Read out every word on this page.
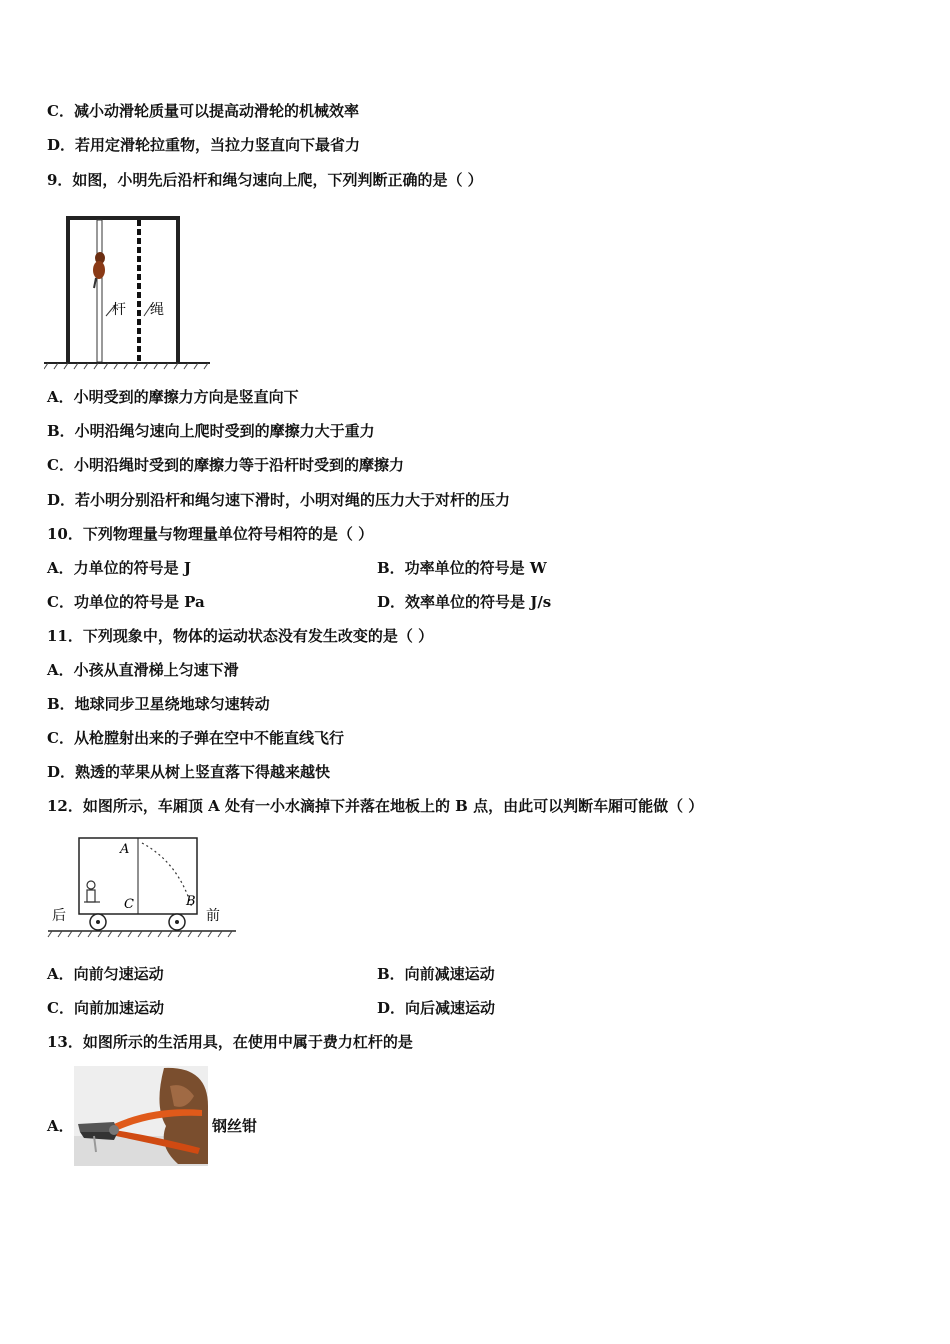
C．减小动滑轮质量可以提高动滑轮的机械效率
D．若用定滑轮拉重物，当拉力竖直向下最省力
9．如图，小明先后沿杆和绳匀速向上爬，下列判断正确的是（ ）
杆 绳
A．小明受到的摩擦力方向是竖直向下
B．小明沿绳匀速向上爬时受到的摩擦力大于重力
C．小明沿绳时受到的摩擦力等于沿杆时受到的摩擦力
D．若小明分别沿杆和绳匀速下滑时，小明对绳的压力大于对杆的压力
10．下列物理量与物理量单位符号相符的是（ ）
A．力单位的符号是 J	B．功率单位的符号是 W
C．功单位的符号是 Pa	D．效率单位的符号是 J/s
11．下列现象中，物体的运动状态没有发生改变的是（ ）
A．小孩从直滑梯上匀速下滑
B．地球同步卫星绕地球匀速转动
C．从枪膛射出来的子弹在空中不能直线飞行
D．熟透的苹果从树上竖直落下得越来越快
12．如图所示，车厢顶 A 处有一小水滴掉下并落在地板上的 B 点，由此可以判断车厢可能做（ ）
A
C	B
后	前
A．向前匀速运动	B．向前减速运动
C．向前加速运动	D．向后减速运动
13．如图所示的生活用具，在使用中属于费力杠杆的是
A．	钢丝钳
